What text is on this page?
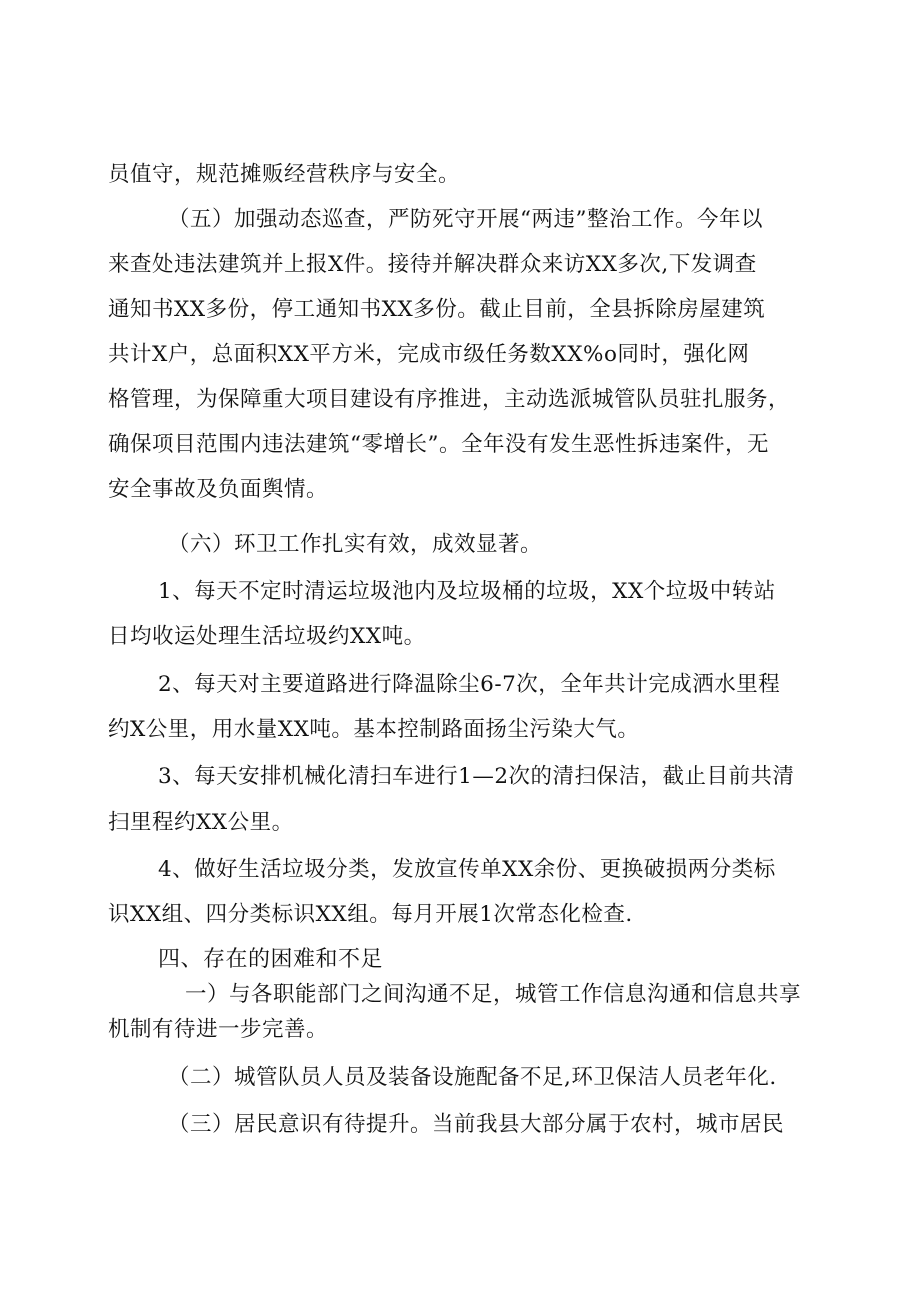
员值守，规范摊贩经营秩序与安全。
（五）加强动态巡查，严防死守开展“两违”整治工作。今年以
来查处违法建筑并上报X件。接待并解决群众来访XX多次,下发调查
通知书XX多份，停工通知书XX多份。截止目前，全县拆除房屋建筑
共计X户，总面积XX平方米，完成市级任务数XX%o同时，强化网
格管理，为保障重大项目建设有序推进，主动选派城管队员驻扎服务，
确保项目范围内违法建筑“零增长”。全年没有发生恶性拆违案件，无
安全事故及负面舆情。
（六）环卫工作扎实有效，成效显著。
1、每天不定时清运垃圾池内及垃圾桶的垃圾，XX个垃圾中转站
日均收运处理生活垃圾约XX吨。
2、每天对主要道路进行降温除尘6-7次，全年共计完成洒水里程
约X公里，用水量XX吨。基本控制路面扬尘污染大气。
3、每天安排机械化清扫车进行1—2次的清扫保洁，截止目前共清
扫里程约XX公里。
4、做好生活垃圾分类，发放宣传单XX余份、更换破损两分类标
识XX组、四分类标识XX组。每月开展1次常态化检查.
四、存在的困难和不足
一）与各职能部门之间沟通不足，城管工作信息沟通和信息共享
机制有待进一步完善。
（二）城管队员人员及装备设施配备不足,环卫保洁人员老年化.
（三）居民意识有待提升。当前我县大部分属于农村，城市居民
